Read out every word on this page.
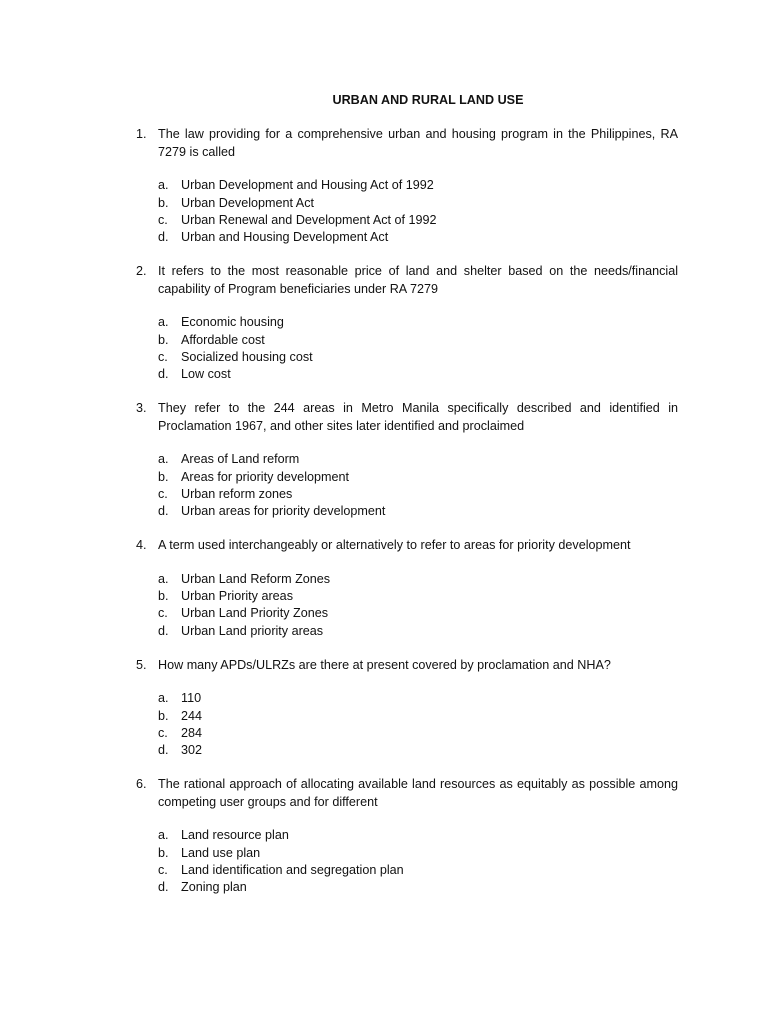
URBAN AND RURAL LAND USE
1. The law providing for a comprehensive urban and housing program in the Philippines, RA 7279 is called
a. Urban Development and Housing Act of 1992
b. Urban Development Act
c.	Urban Renewal and Development Act of 1992
d. Urban and Housing Development Act
2. It refers to the most reasonable price of land and shelter based on the needs/financial capability of Program beneficiaries under RA 7279
a. Economic housing
b. Affordable cost
c.	Socialized housing cost
d. Low cost
3. They refer to the 244 areas in Metro Manila specifically described and identified in Proclamation 1967, and other sites later identified and proclaimed
a. Areas of Land reform
b. Areas for priority development
c.	Urban reform zones
d. Urban areas for priority development
4. A term used interchangeably or alternatively to refer to areas for priority development
a. Urban Land Reform Zones
b. Urban Priority areas
c.	Urban Land Priority Zones
d. Urban Land priority areas
5. How many APDs/ULRZs are there at present covered by proclamation and NHA?
a. 110
b. 244
c.	284
d. 302
6. The rational approach of allocating available land resources as equitably as possible among competing user groups and for different
a. Land resource plan
b. Land use plan
c.	Land identification and segregation plan
d. Zoning plan
